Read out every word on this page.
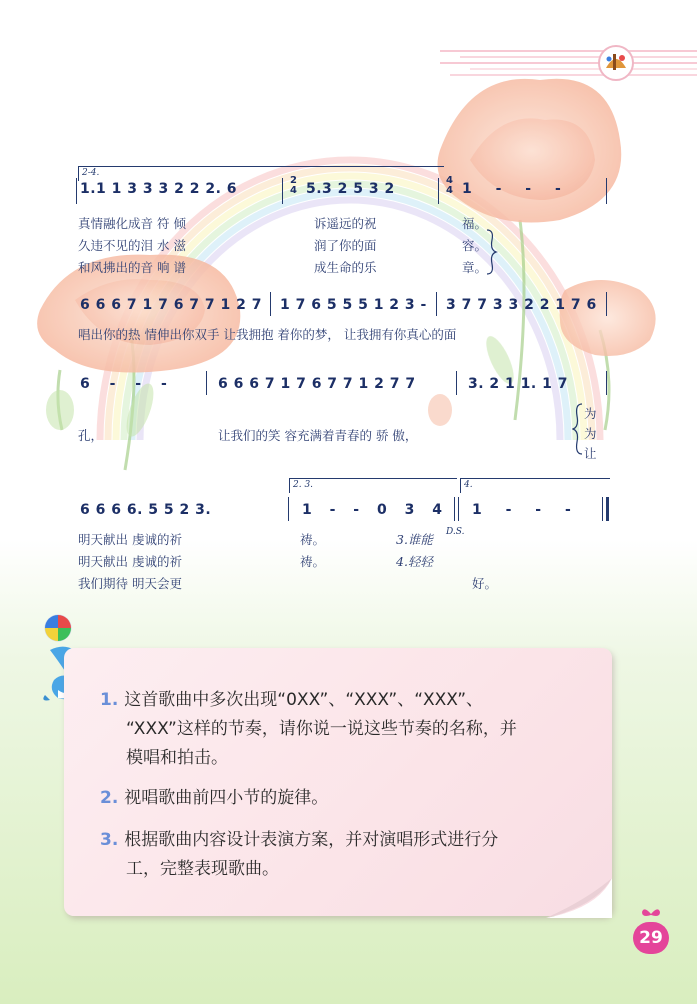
2-4.
1.1 1 3 3 3 2 2 2. 6
2
4 5.3 2 5 3 2
4
4 1 - - -
真情融化成音 符 倾	诉遥远的祝	福。
久违不见的泪 水 滋	润了你的面	容。
和风拂出的音 响 谱	成生命的乐	章。
6 6 6 7 1 7 6 7 7 1 2 7 1 7 6 5 5 5 1 2 3 - 3 7 7 3 3 2 2 1 7 6
唱出你的热 情伸出你双手 让我拥抱 着你的梦， 让我拥有你真心的面
6 - - -	6 6 6 7 1 7 6 7 7 1 2 7 7	3. 2 1 1. 1 7
孔，	让我们的笑 容充满着青春的 骄 傲，
为
为
让
6 6 6 6. 5 5 2 3.
2. 3.
1 - - 0 3 4
4.
1 - - -
D.S.
明天献出 虔诚的祈	祷。	3.谁能
明天献出 虔诚的祈	祷。	4.轻轻
我们期待 明天会更	好。
1. 这首歌曲中多次出现“0XX”、“XXX”、“XXX”、
“XXX”这样的节奏，请你说一说这些节奏的名称，并
模唱和拍击。
2. 视唱歌曲前四小节的旋律。
3. 根据歌曲内容设计表演方案，并对演唱形式进行分
工，完整表现歌曲。
29
